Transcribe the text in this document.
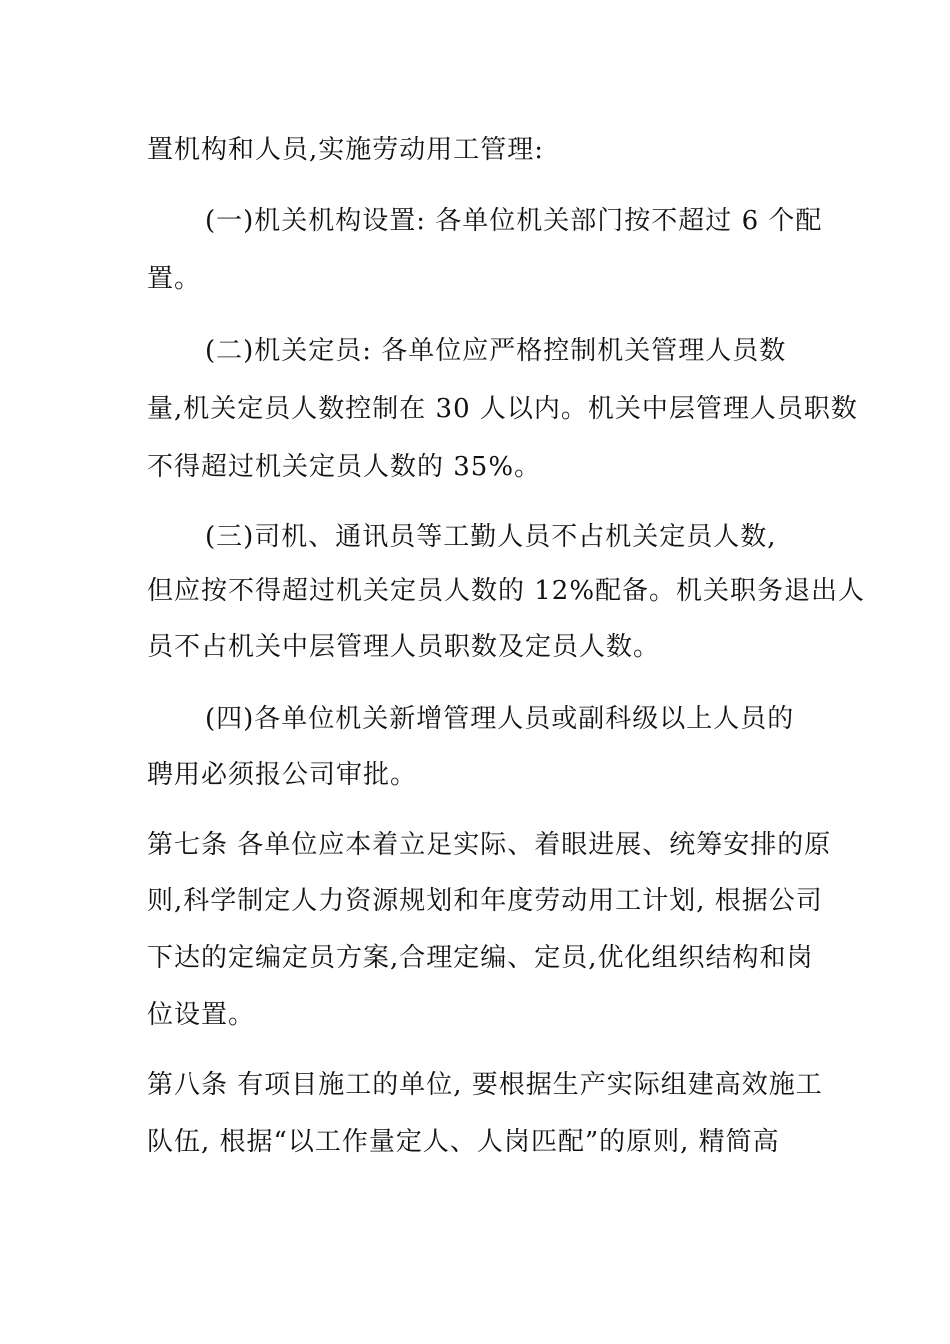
置机构和人员,实施劳动用工管理:
(一)机关机构设置: 各单位机关部门按不超过 6 个配
置。
(二)机关定员: 各单位应严格控制机关管理人员数
量,机关定员人数控制在 30 人以内。机关中层管理人员职数
不得超过机关定员人数的 35%。
(三)司机、通讯员等工勤人员不占机关定员人数,
但应按不得超过机关定员人数的 12%配备。机关职务退出人
员不占机关中层管理人员职数及定员人数。
(四)各单位机关新增管理人员或副科级以上人员的
聘用必须报公司审批。
第七条 各单位应本着立足实际、着眼进展、统筹安排的原
则,科学制定人力资源规划和年度劳动用工计划, 根据公司
下达的定编定员方案,合理定编、定员,优化组织结构和岗
位设置。
第八条 有项目施工的单位, 要根据生产实际组建高效施工
队伍, 根据“以工作量定人、人岗匹配”的原则, 精简高
